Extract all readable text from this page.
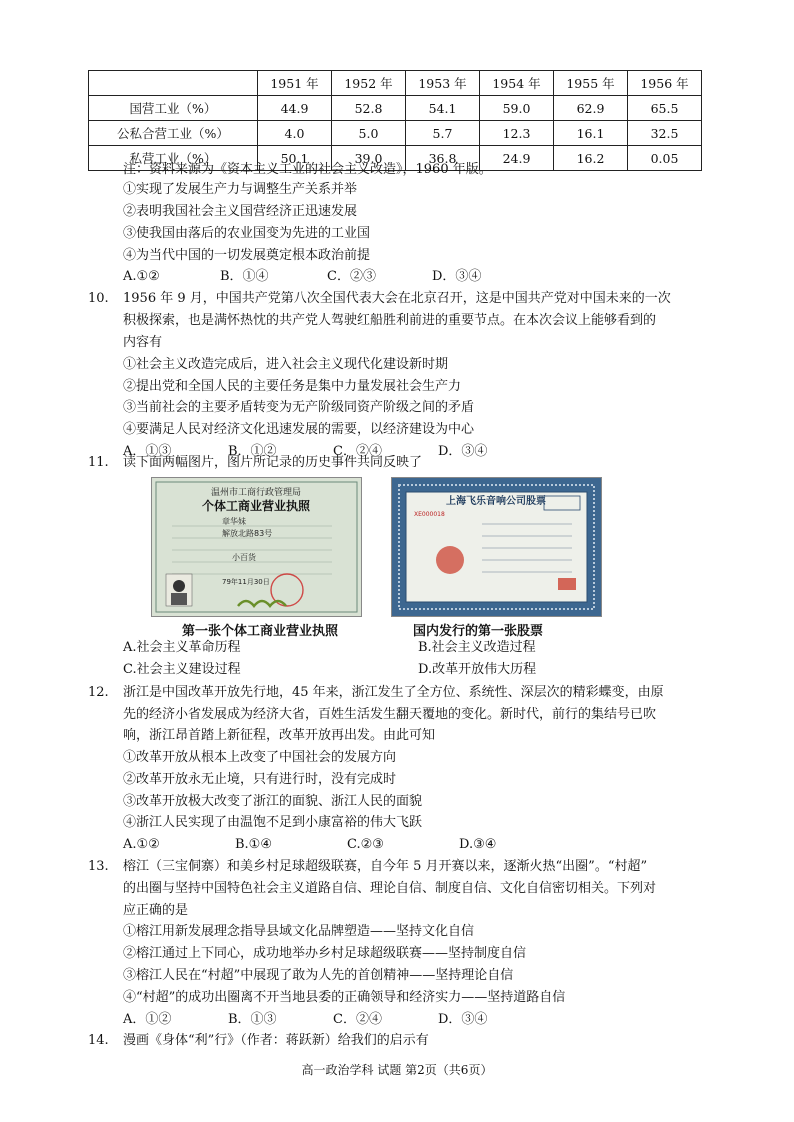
	1951 年	1952 年	1953 年	1954 年	1955 年	1956 年
国营工业（%）	44.9	52.8	54.1	59.0	62.9	65.5
公私合营工业（%）	4.0	5.0	5.7	12.3	16.1	32.5
私营工业（%）	50.1	39.0	36.8	24.9	16.2	0.05
注：资料来源为《资本主义工业的社会主义改造》，1960 年版。
①实现了发展生产力与调整生产关系并举
②表明我国社会主义国营经济正迅速发展
③使我国由落后的农业国变为先进的工业国
④为当代中国的一切发展奠定根本政治前提
A.①②	B．①④	C．②③	D．③④
10. 1956 年 9 月，中国共产党第八次全国代表大会在北京召开，这是中国共产党对中国未来的一次
积极探索，也是满怀热忱的共产党人驾驶红船胜利前进的重要节点。在本次会议上能够看到的
内容有
①社会主义改造完成后，进入社会主义现代化建设新时期
②提出党和全国人民的主要任务是集中力量发展社会生产力
③当前社会的主要矛盾转变为无产阶级同资产阶级之间的矛盾
④要满足人民对经济文化迅速发展的需要，以经济建设为中心
A．①③	B．①②	C．②④	D．③④
11. 读下面两幅图片，图片所记录的历史事件共同反映了
温州市工商行政管理局
个体工商业营业执照
章华妹
解放北路83号
小百货
79年11月30日
上海飞乐音响公司股票
XE000018
第一张个体工商业营业执照	国内发行的第一张股票
A.社会主义革命历程	B.社会主义改造过程
C.社会主义建设过程	D.改革开放伟大历程
12. 浙江是中国改革开放先行地，45 年来，浙江发生了全方位、系统性、深层次的精彩蝶变，由原
先的经济小省发展成为经济大省，百姓生活发生翻天覆地的变化。新时代，前行的集结号已吹
响，浙江昂首踏上新征程，改革开放再出发。由此可知
①改革开放从根本上改变了中国社会的发展方向
②改革开放永无止境，只有进行时，没有完成时
③改革开放极大改变了浙江的面貌、浙江人民的面貌
④浙江人民实现了由温饱不足到小康富裕的伟大飞跃
A.①②	B.①④	C.②③	D.③④
13. 榕江（三宝侗寨）和美乡村足球超级联赛，自今年 5 月开赛以来，逐渐火热“出圈”。“村超”
的出圈与坚持中国特色社会主义道路自信、理论自信、制度自信、文化自信密切相关。下列对
应正确的是
①榕江用新发展理念指导县域文化品牌塑造——坚持文化自信
②榕江通过上下同心，成功地举办乡村足球超级联赛——坚持制度自信
③榕江人民在“村超”中展现了敢为人先的首创精神——坚持理论自信
④“村超”的成功出圈离不开当地县委的正确领导和经济实力——坚持道路自信
A．①②	B．①③	C．②④	D．③④
14. 漫画《身体“利”行》（作者：蒋跃新）给我们的启示有
高一政治学科 试题 第2页（共6页）
